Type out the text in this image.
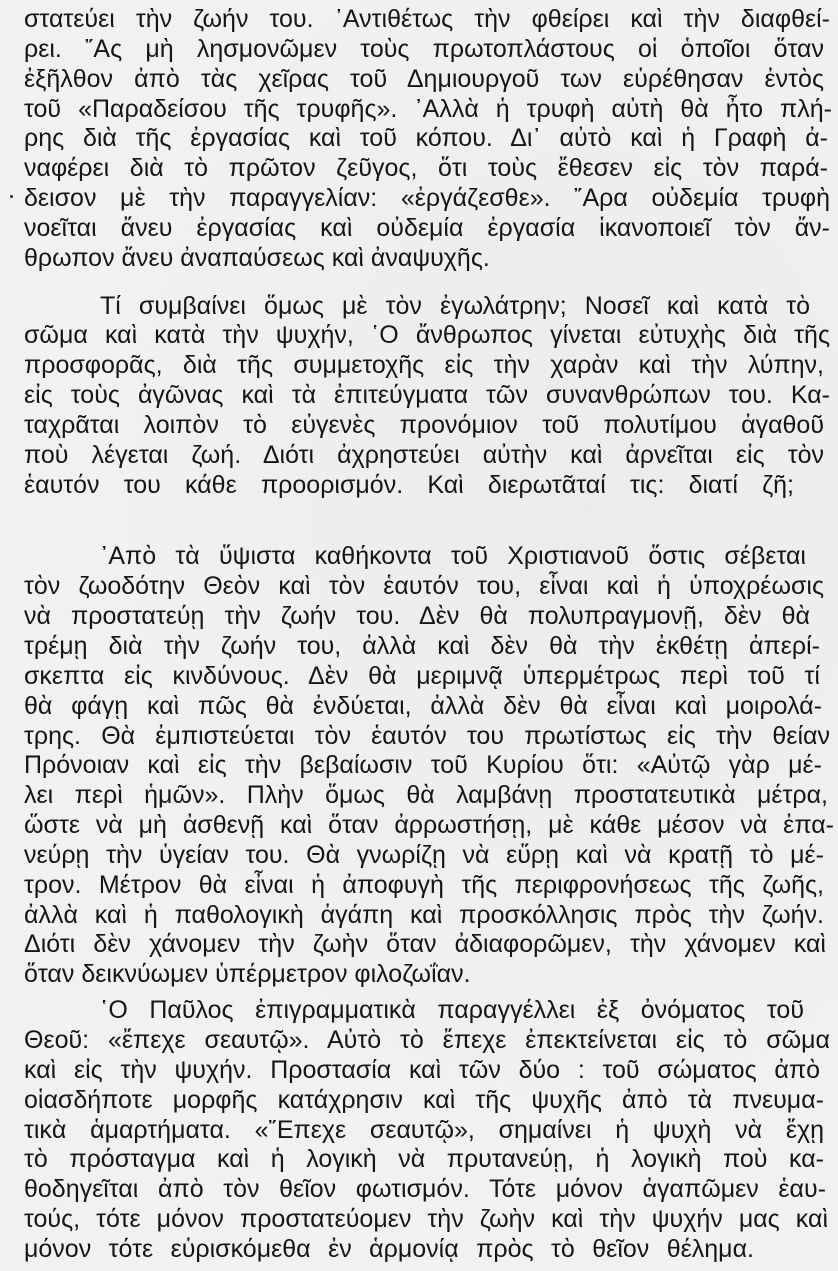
στατεύει τὴν ζωήν του. ᾿Αντιθέτως τὴν φθείρει καὶ τὴν διαφθεί-
ρει. ῎Ας μὴ λησμονῶμεν τοὺς πρωτοπλάστους οἱ ὁποῖοι ὅταν
ἐξῆλθον ἀπὸ τὰς χεῖρας τοῦ Δημιουργοῦ των εὑρέθησαν ἐντὸς
τοῦ «Παραδείσου τῆς τρυφῆς». ᾿Αλλὰ ἡ τρυφὴ αὐτὴ θὰ ἦτο πλή-
ρης διὰ τῆς ἐργασίας καὶ τοῦ κόπου. Δι᾿ αὐτὸ καὶ ἡ Γραφὴ ἀ-
ναφέρει διὰ τὸ πρῶτον ζεῦγος, ὅτι τοὺς ἔθεσεν εἰς τὸν παρά-
δεισον μὲ τὴν παραγγελίαν: «ἐργάζεσθε». ῎Αρα οὐδεμία τρυφὴ
νοεῖται ἄνευ ἐργασίας καὶ οὐδεμία ἐργασία ἱκανοποιεῖ τὸν ἄν-
θρωπον ἄνευ ἀναπαύσεως καὶ ἀναψυχῆς.
Τί συμβαίνει ὅμως μὲ τὸν ἐγωλάτρην; Νοσεῖ καὶ κατὰ τὸ
σῶμα καὶ κατὰ τὴν ψυχήν, ῾Ο ἄνθρωπος γίνεται εὐτυχὴς διὰ τῆς
προσφορᾶς, διὰ τῆς συμμετοχῆς εἰς τὴν χαρὰν καὶ τὴν λύπην,
εἰς τοὺς ἀγῶνας καὶ τὰ ἐπιτεύγματα τῶν συνανθρώπων του. Κα-
ταχρᾶται λοιπὸν τὸ εὐγενὲς προνόμιον τοῦ πολυτίμου ἀγαθοῦ
ποὺ λέγεται ζωή. Διότι ἀχρηστεύει αὐτὴν καὶ ἀρνεῖται εἰς τὸν
ἑαυτόν του κάθε προορισμόν. Καὶ διερωτᾶταί τις: διατί ζῆ;
᾿Απὸ τὰ ὕψιστα καθήκοντα τοῦ Χριστιανοῦ ὅστις σέβεται
τὸν ζωοδότην Θεὸν καὶ τὸν ἑαυτόν του, εἶναι καὶ ἡ ὑποχρέωσις
νὰ προστατεύῃ τὴν ζωήν του. Δὲν θὰ πολυπραγμονῇ, δὲν θὰ
τρέμῃ διὰ τὴν ζωήν του, ἀλλὰ καὶ δὲν θὰ τὴν ἐκθέτῃ ἀπερί-
σκεπτα εἰς κινδύνους. Δὲν θὰ μεριμνᾷ ὑπερμέτρως περὶ τοῦ τί
θὰ φάγῃ καὶ πῶς θὰ ἐνδύεται, ἀλλὰ δὲν θὰ εἶναι καὶ μοιρολά-
τρης. Θὰ ἐμπιστεύεται τὸν ἑαυτόν του πρωτίστως εἰς τὴν θείαν
Πρόνοιαν καὶ εἰς τὴν βεβαίωσιν τοῦ Κυρίου ὅτι: «Αὐτῷ γὰρ μέ-
λει περὶ ἡμῶν». Πλὴν ὅμως θὰ λαμβάνῃ προστατευτικὰ μέτρα,
ὥστε νὰ μὴ ἀσθενῇ καὶ ὅταν ἀρρωστήσῃ, μὲ κάθε μέσον νὰ ἐπα-
νεύρῃ τὴν ὑγείαν του. Θὰ γνωρίζῃ νὰ εὕρῃ καὶ νὰ κρατῇ τὸ μέ-
τρον. Μέτρον θὰ εἶναι ἡ ἀποφυγὴ τῆς περιφρονήσεως τῆς ζωῆς,
ἀλλὰ καὶ ἡ παθολογικὴ ἀγάπη καὶ προσκόλλησις πρὸς τὴν ζωήν.
Διότι δὲν χάνομεν τὴν ζωὴν ὅταν ἀδιαφορῶμεν, τὴν χάνομεν καὶ
ὅταν δεικνύωμεν ὑπέρμετρον φιλοζωΐαν.
῾Ο Παῦλος ἐπιγραμματικὰ παραγγέλλει ἐξ ὀνόματος τοῦ
Θεοῦ: «ἔπεχε σεαυτῷ». Αὐτὸ τὸ ἔπεχε ἐπεκτείνεται εἰς τὸ σῶμα
καὶ εἰς τὴν ψυχήν. Προστασία καὶ τῶν δύο : τοῦ σώματος ἀπὸ
οἱασδήποτε μορφῆς κατάχρησιν καὶ τῆς ψυχῆς ἀπὸ τὰ πνευμα-
τικὰ ἁμαρτήματα. «῎Επεχε σεαυτῷ», σημαίνει ἡ ψυχὴ νὰ ἔχῃ
τὸ πρόσταγμα καὶ ἡ λογικὴ νὰ πρυτανεύῃ, ἡ λογικὴ ποὺ κα-
θοδηγεῖται ἀπὸ τὸν θεῖον φωτισμόν. Τότε μόνον ἀγαπῶμεν ἑαυ-
τούς, τότε μόνον προστατεύομεν τὴν ζωὴν καὶ τὴν ψυχήν μας καὶ
μόνον τότε εὑρισκόμεθα ἐν ἁρμονίᾳ πρὸς τὸ θεῖον θέλημα.
